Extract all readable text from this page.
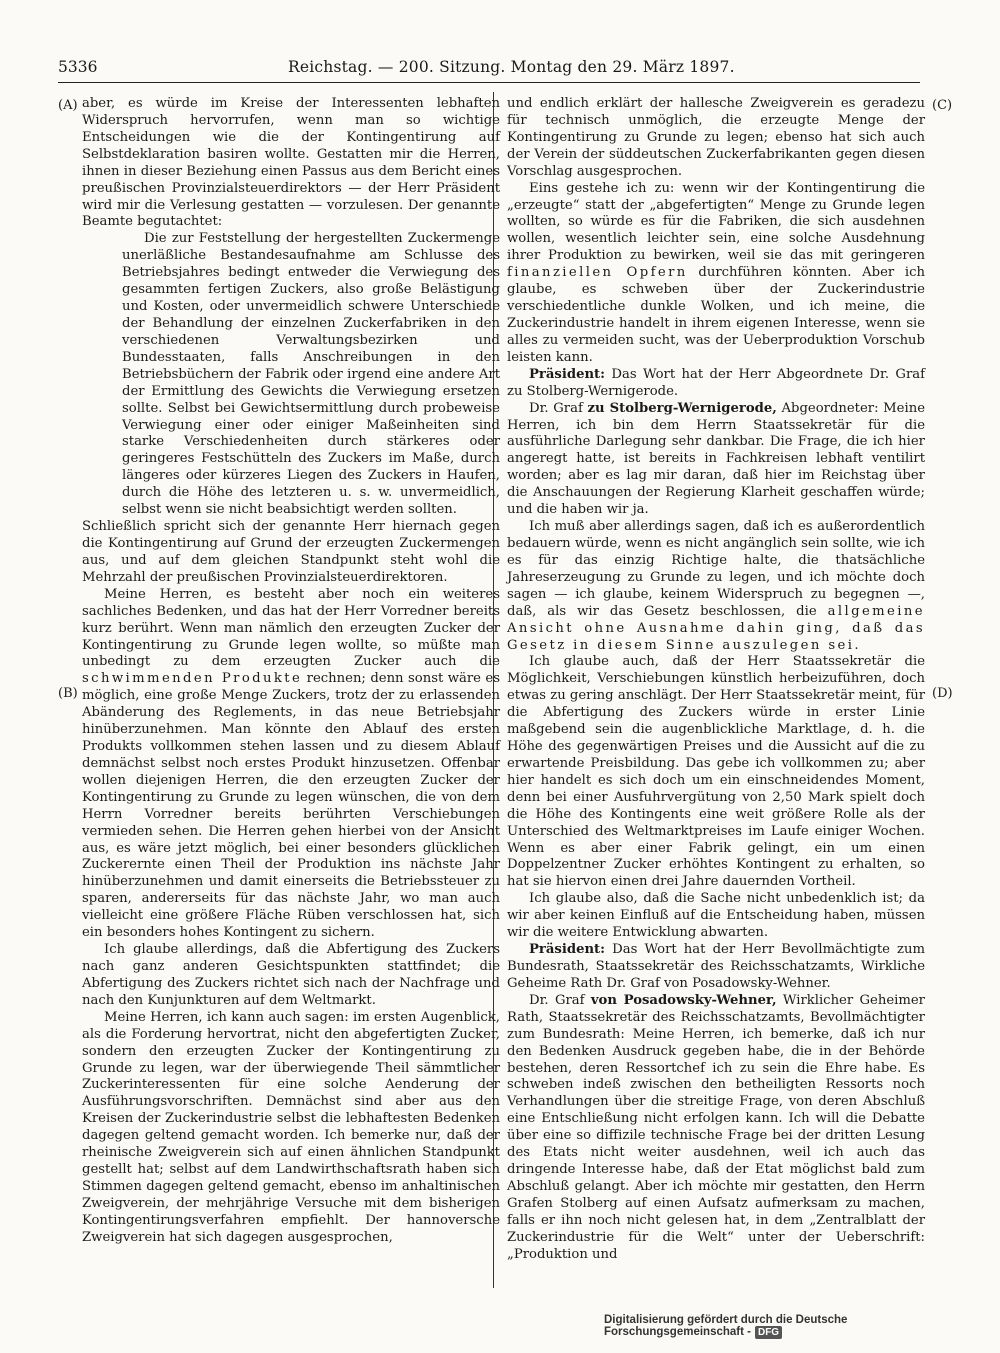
5336	Reichstag. — 200. Sitzung. Montag den 29. März 1897.
(A)
(B)
(C)
(D)

aber, es würde im Kreise der Interessenten lebhaften Widerspruch hervorrufen, wenn man so wichtige Entscheidungen wie die der Kontingentirung auf Selbstdeklaration basiren wollte. Gestatten mir die Herren, ihnen in dieser Beziehung einen Passus aus dem Bericht eines preußischen Provinzialsteuerdirektors — der Herr Präsident wird mir die Verlesung gestatten — vorzulesen. Der genannte Beamte begutachtet:

Die zur Feststellung der hergestellten Zuckermenge unerläßliche Bestandesaufnahme am Schlusse des Betriebsjahres bedingt entweder die Verwiegung des gesammten fertigen Zuckers, also große Belästigung und Kosten, oder unvermeidlich schwere Unterschiede der Behandlung der einzelnen Zuckerfabriken in den verschiedenen Verwaltungsbezirken und Bundesstaaten, falls Anschreibungen in den Betriebsbüchern der Fabrik oder irgend eine andere Art der Ermittlung des Gewichts die Verwiegung ersetzen sollte. Selbst bei Gewichtsermittlung durch probeweise Verwiegung einer oder einiger Maßeinheiten sind starke Verschiedenheiten durch stärkeres oder geringeres Festschütteln des Zuckers im Maße, durch längeres oder kürzeres Liegen des Zuckers in Haufen, durch die Höhe des letzteren u. s. w. unvermeidlich, selbst wenn sie nicht beabsichtigt werden sollten.

Schließlich spricht sich der genannte Herr hiernach gegen die Kontingentirung auf Grund der erzeugten Zuckermengen aus, und auf dem gleichen Standpunkt steht wohl die Mehrzahl der preußischen Provinzialsteuerdirektoren.

Meine Herren, es besteht aber noch ein weiteres sachliches Bedenken, und das hat der Herr Vorredner bereits kurz berührt. Wenn man nämlich den erzeugten Zucker der Kontingentirung zu Grunde legen wollte, so müßte man unbedingt zu dem erzeugten Zucker auch die schwimmenden Produkte rechnen; denn sonst wäre es möglich, eine große Menge Zuckers, trotz der zu erlassenden Abänderung des Reglements, in das neue Betriebsjahr hinüberzunehmen. Man könnte den Ablauf des ersten Produkts vollkommen stehen lassen und zu diesem Ablauf demnächst selbst noch erstes Produkt hinzusetzen. Offenbar wollen diejenigen Herren, die den erzeugten Zucker der Kontingentirung zu Grunde zu legen wünschen, die von dem Herrn Vorredner bereits berührten Verschiebungen vermieden sehen. Die Herren gehen hierbei von der Ansicht aus, es wäre jetzt möglich, bei einer besonders glücklichen Zuckerernte einen Theil der Produktion ins nächste Jahr hinüberzunehmen und damit einerseits die Betriebssteuer zu sparen, andererseits für das nächste Jahr, wo man auch vielleicht eine größere Fläche Rüben verschlossen hat, sich ein besonders hohes Kontingent zu sichern.

Ich glaube allerdings, daß die Abfertigung des Zuckers nach ganz anderen Gesichtspunkten stattfindet; die Abfertigung des Zuckers richtet sich nach der Nachfrage und nach den Kunjunkturen auf dem Weltmarkt.

Meine Herren, ich kann auch sagen: im ersten Augenblick, als die Forderung hervortrat, nicht den abgefertigten Zucker, sondern den erzeugten Zucker der Kontingentirung zu Grunde zu legen, war der überwiegende Theil sämmtlicher Zuckerinteressenten für eine solche Aenderung der Ausführungsvorschriften. Demnächst sind aber aus den Kreisen der Zuckerindustrie selbst die lebhaftesten Bedenken dagegen geltend gemacht worden. Ich bemerke nur, daß der rheinische Zweigverein sich auf einen ähnlichen Standpunkt gestellt hat; selbst auf dem Landwirthschaftsrath haben sich Stimmen dagegen geltend gemacht, ebenso im anhaltinischen Zweigverein, der mehrjährige Versuche mit dem bisherigen Kontingentirungsverfahren empfiehlt. Der hannoversche Zweigverein hat sich dagegen ausgesprochen,

und endlich erklärt der hallesche Zweigverein es geradezu für technisch unmöglich, die erzeugte Menge der Kontingentirung zu Grunde zu legen; ebenso hat sich auch der Verein der süddeutschen Zuckerfabrikanten gegen diesen Vorschlag ausgesprochen.

Eins gestehe ich zu: wenn wir der Kontingentirung die „erzeugte“ statt der „abgefertigten“ Menge zu Grunde legen wollten, so würde es für die Fabriken, die sich ausdehnen wollen, wesentlich leichter sein, eine solche Ausdehnung ihrer Produktion zu bewirken, weil sie das mit geringeren finanziellen Opfern durchführen könnten. Aber ich glaube, es schweben über der Zuckerindustrie verschiedentliche dunkle Wolken, und ich meine, die Zuckerindustrie handelt in ihrem eigenen Interesse, wenn sie alles zu vermeiden sucht, was der Ueberproduktion Vorschub leisten kann.

Präsident: Das Wort hat der Herr Abgeordnete Dr. Graf zu Stolberg-Wernigerode.

Dr. Graf zu Stolberg-Wernigerode, Abgeordneter: Meine Herren, ich bin dem Herrn Staatssekretär für die ausführliche Darlegung sehr dankbar. Die Frage, die ich hier angeregt hatte, ist bereits in Fachkreisen lebhaft ventilirt worden; aber es lag mir daran, daß hier im Reichstag über die Anschauungen der Regierung Klarheit geschaffen würde; und die haben wir ja.

Ich muß aber allerdings sagen, daß ich es außerordentlich bedauern würde, wenn es nicht angänglich sein sollte, wie ich es für das einzig Richtige halte, die thatsächliche Jahreserzeugung zu Grunde zu legen, und ich möchte doch sagen — ich glaube, keinem Widerspruch zu begegnen —, daß, als wir das Gesetz beschlossen, die allgemeine Ansicht ohne Ausnahme dahin ging, daß das Gesetz in diesem Sinne auszulegen sei.

Ich glaube auch, daß der Herr Staatssekretär die Möglichkeit, Verschiebungen künstlich herbeizuführen, doch etwas zu gering anschlägt. Der Herr Staatssekretär meint, für die Abfertigung des Zuckers würde in erster Linie maßgebend sein die augenblickliche Marktlage, d. h. die Höhe des gegenwärtigen Preises und die Aussicht auf die zu erwartende Preisbildung. Das gebe ich vollkommen zu; aber hier handelt es sich doch um ein einschneidendes Moment, denn bei einer Ausfuhrvergütung von 2,50 Mark spielt doch die Höhe des Kontingents eine weit größere Rolle als der Unterschied des Weltmarktpreises im Laufe einiger Wochen. Wenn es aber einer Fabrik gelingt, ein um einen Doppelzentner Zucker erhöhtes Kontingent zu erhalten, so hat sie hiervon einen drei Jahre dauernden Vortheil.

Ich glaube also, daß die Sache nicht unbedenklich ist; da wir aber keinen Einfluß auf die Entscheidung haben, müssen wir die weitere Entwicklung abwarten.

Präsident: Das Wort hat der Herr Bevollmächtigte zum Bundesrath, Staatssekretär des Reichsschatzamts, Wirkliche Geheime Rath Dr. Graf von Posadowsky-Wehner.

Dr. Graf von Posadowsky-Wehner, Wirklicher Geheimer Rath, Staatssekretär des Reichsschatzamts, Bevollmächtigter zum Bundesrath: Meine Herren, ich bemerke, daß ich nur den Bedenken Ausdruck gegeben habe, die in der Behörde bestehen, deren Ressortchef ich zu sein die Ehre habe. Es schweben indeß zwischen den betheiligten Ressorts noch Verhandlungen über die streitige Frage, von deren Abschluß eine Entschließung nicht erfolgen kann. Ich will die Debatte über eine so diffizile technische Frage bei der dritten Lesung des Etats nicht weiter ausdehnen, weil ich auch das dringende Interesse habe, daß der Etat möglichst bald zum Abschluß gelangt. Aber ich möchte mir gestatten, den Herrn Grafen Stolberg auf einen Aufsatz aufmerksam zu machen, falls er ihn noch nicht gelesen hat, in dem „Zentralblatt der Zuckerindustrie für die Welt“ unter der Ueberschrift: „Produktion und

Digitalisierung gefördert durch die Deutsche Forschungsgemeinschaft - DFG
